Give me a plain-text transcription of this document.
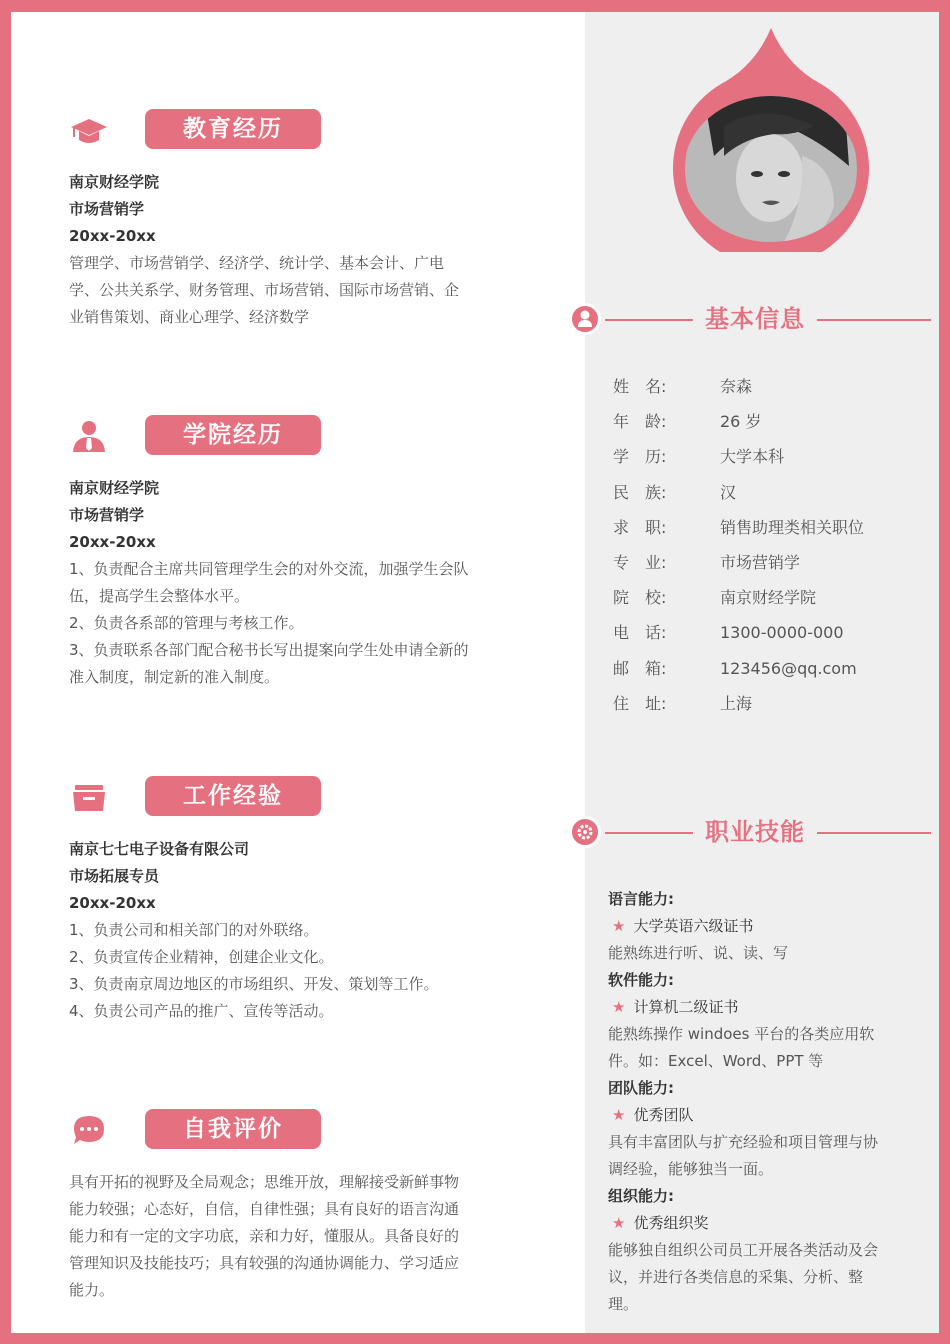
教育经历
南京财经学院
市场营销学
20xx-20xx
管理学、市场营销学、经济学、统计学、基本会计、广电
学、公共关系学、财务管理、市场营销、国际市场营销、企
业销售策划、商业心理学、经济数学
学院经历
南京财经学院
市场营销学
20xx-20xx
1、负责配合主席共同管理学生会的对外交流，加强学生会队
伍，提高学生会整体水平。
2、负责各系部的管理与考核工作。
3、负责联系各部门配合秘书长写出提案向学生处申请全新的
准入制度，制定新的准入制度。
工作经验
南京七七电子设备有限公司
市场拓展专员
20xx-20xx
1、负责公司和相关部门的对外联络。
2、负责宣传企业精神，创建企业文化。
3、负责南京周边地区的市场组织、开发、策划等工作。
4、负责公司产品的推广、宣传等活动。
自我评价
具有开拓的视野及全局观念；思维开放，理解接受新鲜事物
能力较强；心态好，自信，自律性强；具有良好的语言沟通
能力和有一定的文字功底，亲和力好，懂服从。具备良好的
管理知识及技能技巧；具有较强的沟通协调能力、学习适应
能力。
基本信息
姓　名:	奈森
年　龄:	26 岁
学　历:	大学本科
民　族:	汉
求　职:	销售助理类相关职位
专　业:	市场营销学
院　校:	南京财经学院
电　话:	1300-0000-000
邮　箱:	123456@qq.com
住　址:	上海
职业技能
语言能力:
★ 大学英语六级证书
能熟练进行听、说、读、写
软件能力:
★ 计算机二级证书
能熟练操作 windoes 平台的各类应用软
件。如：Excel、Word、PPT 等
团队能力:
★ 优秀团队
具有丰富团队与扩充经验和项目管理与协
调经验，能够独当一面。
组织能力:
★ 优秀组织奖
能够独自组织公司员工开展各类活动及会
议，并进行各类信息的采集、分析、整
理。
